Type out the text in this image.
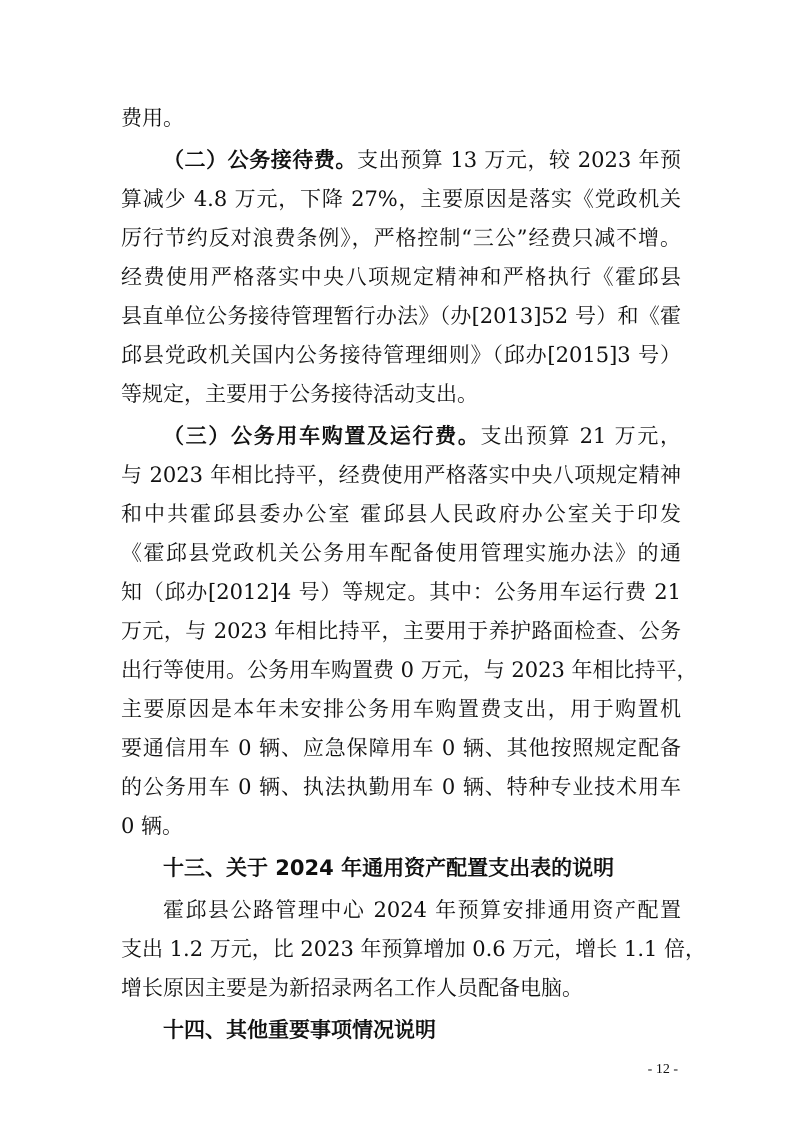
费用。
（二）公务接待费。支出预算 13 万元，较 2023 年预
算减少 4.8 万元，下降 27%，主要原因是落实《党政机关
厉行节约反对浪费条例》，严格控制“三公”经费只减不增。
经费使用严格落实中央八项规定精神和严格执行《霍邱县
县直单位公务接待管理暂行办法》（办[2013]52 号）和《霍
邱县党政机关国内公务接待管理细则》（邱办[2015]3 号）
等规定，主要用于公务接待活动支出。
（三）公务用车购置及运行费。支出预算 21 万元，
与 2023 年相比持平，经费使用严格落实中央八项规定精神
和中共霍邱县委办公室 霍邱县人民政府办公室关于印发
《霍邱县党政机关公务用车配备使用管理实施办法》的通
知（邱办[2012]4 号）等规定。其中：公务用车运行费 21
万元，与 2023 年相比持平，主要用于养护路面检查、公务
出行等使用。公务用车购置费 0 万元，与 2023 年相比持平，
主要原因是本年未安排公务用车购置费支出，用于购置机
要通信用车 0 辆、应急保障用车 0 辆、其他按照规定配备
的公务用车 0 辆、执法执勤用车 0 辆、特种专业技术用车
0 辆。
十三、关于 2024 年通用资产配置支出表的说明
霍邱县公路管理中心 2024 年预算安排通用资产配置
支出 1.2 万元，比 2023 年预算增加 0.6 万元，增长 1.1 倍，
增长原因主要是为新招录两名工作人员配备电脑。
十四、其他重要事项情况说明
- 12 -
